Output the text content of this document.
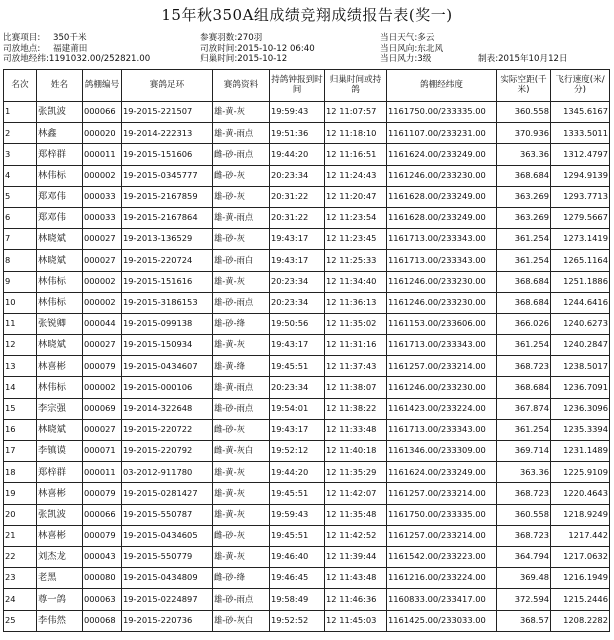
15年秋350A组成绩竞翔成绩报告表(奖一)
比赛项目: 350千米
司放地点: 福建莆田
司放地经纬:1191032.00/252821.00
参赛羽数:270羽
司放时间:2015-10-12 06:40
归巢时间:2015-10-12
当日天气:多云
当日风向:东北风
当日风力:3级	制表:2015年10月12日
名次	姓名	鸽棚编号	赛鸽足环	赛鸽资料	持鸽钟报到时间	归巢时间或持鸽	鸽棚经纬度	实际空距(千米)	飞行速度(米/分)
1	张凯波	000066	19-2015-221507	雄-黄-灰	19:59:43	12 11:07:57	1161750.00/233335.00	360.558	1345.6167
2	林鑫	000020	19-2014-222313	雄-黄-雨点	19:51:36	12 11:18:10	1161107.00/233231.00	370.936	1333.5011
3	郑梓群	000011	19-2015-151606	雌-砂-雨点	19:44:20	12 11:16:51	1161624.00/233249.00	363.36	1312.4797
4	林伟标	000002	19-2015-0345777	雌-砂-灰	20:23:34	12 11:24:43	1161246.00/233230.00	368.684	1294.9139
5	郑邓伟	000033	19-2015-2167859	雄-砂-灰	20:31:22	12 11:20:47	1161628.00/233249.00	363.269	1293.7713
6	郑邓伟	000033	19-2015-2167864	雄-黄-雨点	20:31:22	12 11:23:54	1161628.00/233249.00	363.269	1279.5667
7	林晓斌	000027	19-2013-136529	雄-砂-灰	19:43:17	12 11:23:45	1161713.00/233343.00	361.254	1273.1419
8	林晓斌	000027	19-2015-220724	雄-砂-雨白	19:43:17	12 11:25:33	1161713.00/233343.00	361.254	1265.1164
9	林伟标	000002	19-2015-151616	雄-黄-灰	20:23:34	12 11:34:40	1161246.00/233230.00	368.684	1251.1886
10	林伟标	000002	19-2015-3186153	雄-砂-雨点	20:23:34	12 11:36:13	1161246.00/233230.00	368.684	1244.6416
11	张锐卿	000044	19-2015-099138	雄-砂-绛	19:50:56	12 11:35:02	1161153.00/233606.00	366.026	1240.6273
12	林晓斌	000027	19-2015-150934	雄-黄-灰	19:43:17	12 11:31:16	1161713.00/233343.00	361.254	1240.2847
13	林喜彬	000079	19-2015-0434607	雄-黄-绛	19:45:51	12 11:37:43	1161257.00/233214.00	368.723	1238.5017
14	林伟标	000002	19-2015-000106	雄-黄-雨点	20:23:34	12 11:38:07	1161246.00/233230.00	368.684	1236.7091
15	李宗强	000069	19-2014-322648	雄-砂-雨点	19:54:01	12 11:38:22	1161423.00/233224.00	367.874	1236.3096
16	林晓斌	000027	19-2015-220722	雌-砂-灰	19:43:17	12 11:33:48	1161713.00/233343.00	361.254	1235.3394
17	李镇谟	000071	19-2015-220792	雌-黄-灰白	19:52:12	12 11:40:18	1161346.00/233309.00	369.714	1231.1489
18	郑梓群	000011	03-2012-911780	雄-黄-灰	19:44:20	12 11:35:29	1161624.00/233249.00	363.36	1225.9109
19	林喜彬	000079	19-2015-0281427	雄-黄-灰	19:45:51	12 11:42:07	1161257.00/233214.00	368.723	1220.4643
20	张凯波	000066	19-2015-550787	雄-黄-灰	19:59:43	12 11:35:48	1161750.00/233335.00	360.558	1218.9249
21	林喜彬	000079	19-2015-0434605	雌-砂-灰	19:45:51	12 11:42:52	1161257.00/233214.00	368.723	1217.442
22	刘杰龙	000043	19-2015-550779	雄-黄-灰	19:46:40	12 11:39:44	1161542.00/233223.00	364.794	1217.0632
23	老黑	000080	19-2015-0434809	雌-砂-绛	19:46:45	12 11:43:48	1161216.00/233224.00	369.48	1216.1949
24	尊一鸽	000063	19-2015-0224897	雄-砂-雨点	19:58:49	12 11:46:36	1160833.00/233417.00	372.594	1215.2446
25	李伟然	000068	19-2015-220736	雄-砂-灰白	19:52:52	12 11:45:03	1161425.00/233033.00	368.57	1208.2282
